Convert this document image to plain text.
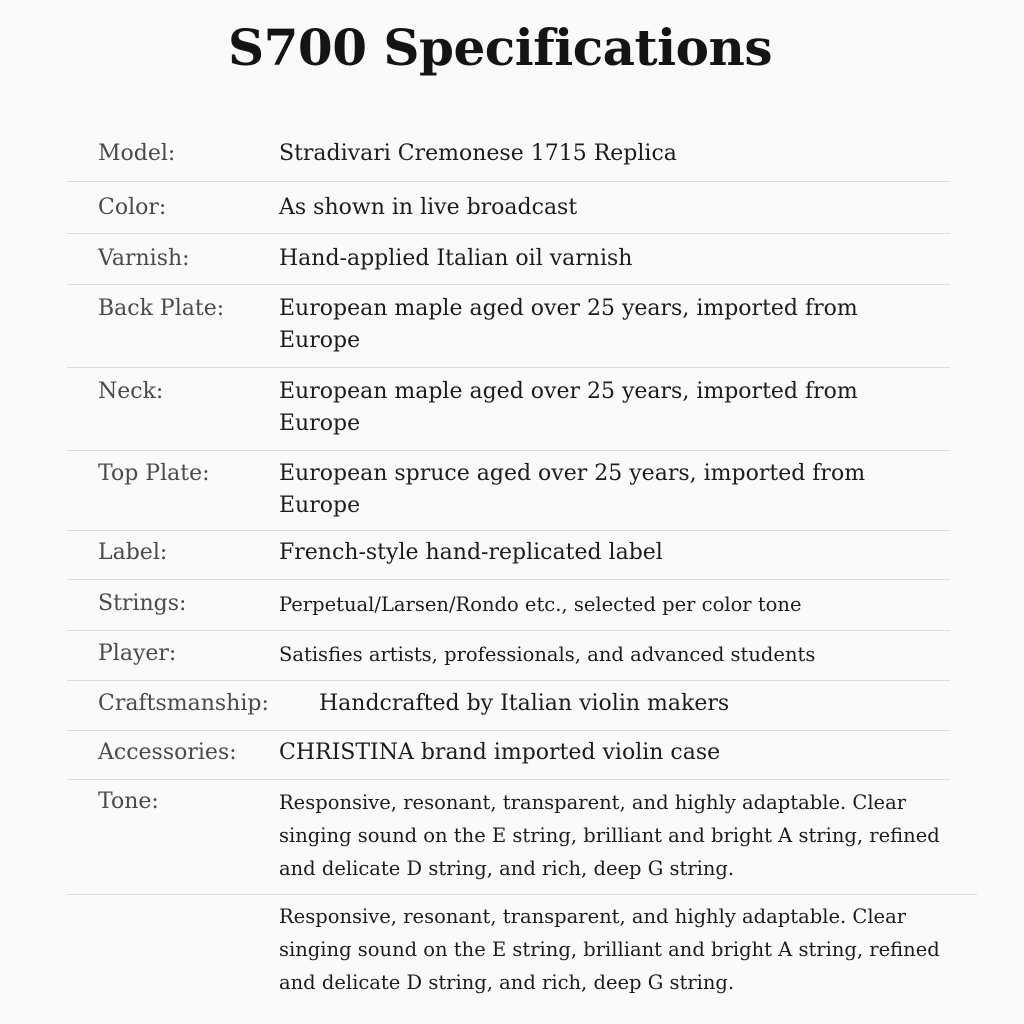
S700 Specifications
Model:	Stradivari Cremonese 1715 Replica
Color:	As shown in live broadcast
Varnish:	Hand-applied Italian oil varnish
Back Plate: European maple aged over 25 years, imported from Europe
Neck:	European maple aged over 25 years, imported from Europe
Top Plate:	European spruce aged over 25 years, imported from Europe
Label:	French-style hand-replicated label
Strings:	Perpetual/Larsen/Rondo etc., selected per color tone
Player:	Satisfies artists, professionals, and advanced students
Craftsmanship: Handcrafted by Italian violin makers
Accessories: CHRISTINA brand imported violin case
Tone:	Responsive, resonant, transparent, and highly adaptable. Clear singing sound on the E string, brilliant and bright A string, refined and delicate D string, and rich, deep G string.
Responsive, resonant, transparent, and highly adaptable. Clear singing sound on the E string, brilliant and bright A string, refined and delicate D string, and rich, deep G string.
